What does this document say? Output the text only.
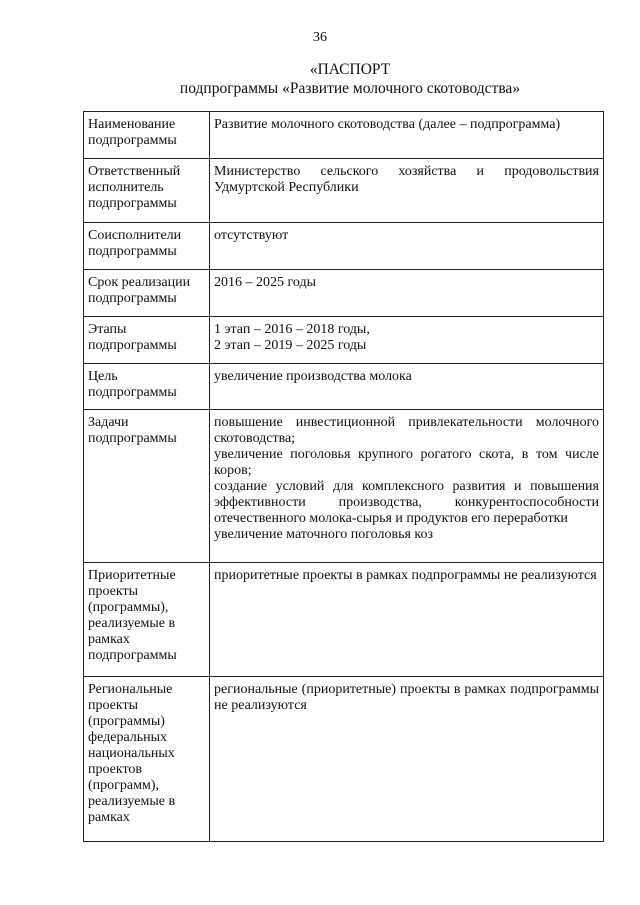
36
«ПАСПОРТ
подпрограммы «Развитие молочного скотоводства»
Наименование подпрограммы	Развитие молочного скотоводства (далее – подпрограмма)

Ответственный исполнитель подпрограммы	Министерство сельского хозяйства и продовольствия Удмуртской Республики

Соисполнители подпрограммы	отсутствуют

Срок реализации подпрограммы	2016 – 2025 годы

Этапы подпрограммы	1 этап – 2016 – 2018 годы,
2 этап – 2019 – 2025 годы

Цель подпрограммы	увеличение производства молока

Задачи подпрограммы	повышение инвестиционной привлекательности молочного скотоводства;
увеличение поголовья крупного рогатого скота, в том числе коров;
создание условий для комплексного развития и повышения эффективности производства, конкурентоспособности отечественного молока-сырья и продуктов его переработки
увеличение маточного поголовья коз

Приоритетные проекты (программы), реализуемые в рамках подпрограммы	приоритетные проекты в рамках подпрограммы не реализуются

Региональные проекты (программы) федеральных национальных проектов (программ), реализуемые в рамках	региональные (приоритетные) проекты в рамках подпрограммы не реализуются
